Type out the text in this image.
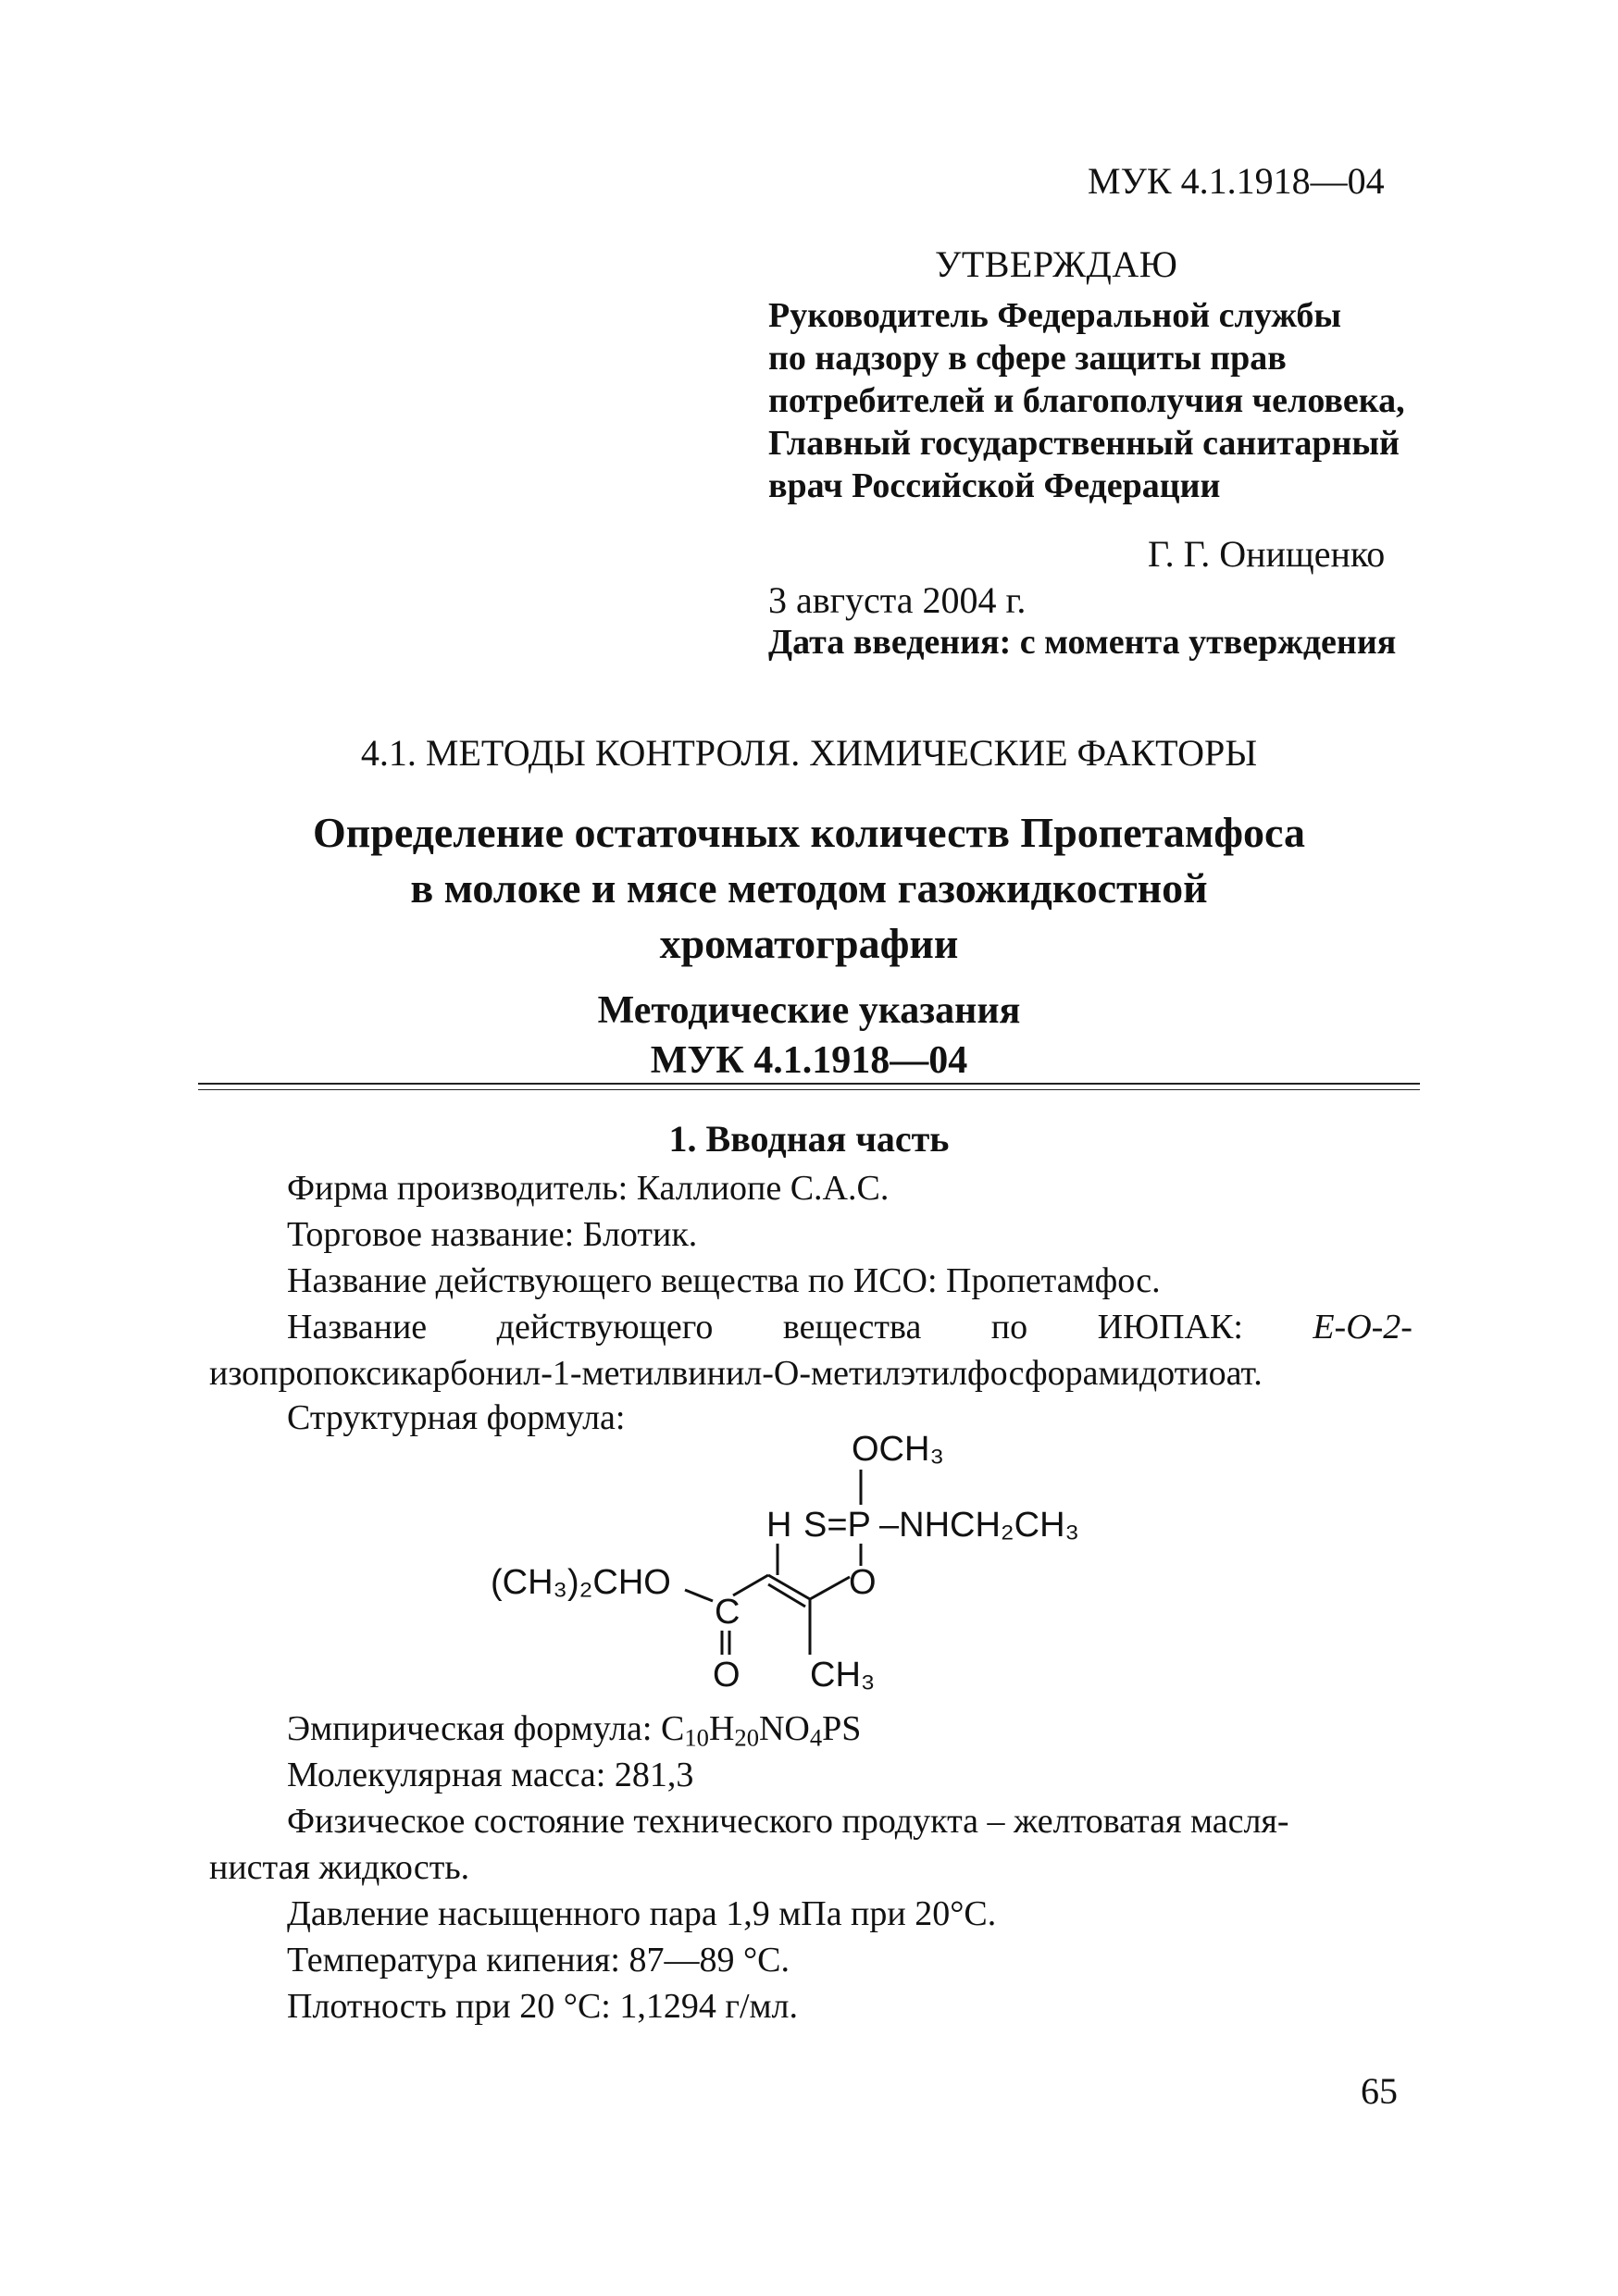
МУК 4.1.1918—04
УТВЕРЖДАЮ
Руководитель Федеральной службы
по надзору в сфере защиты прав
потребителей и благополучия человека,
Главный государственный санитарный
врач Российской Федерации
Г. Г. Онищенко
3 августа 2004 г.
Дата введения: с момента утверждения
4.1. МЕТОДЫ КОНТРОЛЯ. ХИМИЧЕСКИЕ ФАКТОРЫ
Определение остаточных количеств Пропетамфоса
в молоке и мясе методом газожидкостной
хроматографии
Методические указания
МУК 4.1.1918—04
1. Вводная часть
Фирма производитель: Каллиопе С.А.С.
Торговое название: Блотик.
Название действующего вещества по ИСО: Пропетамфос.
Название действующего вещества по ИЮПАК: E-O-2-
изопропоксикарбонил-1-метилвинил-O-метилэтилфосфорамидотиоат.
Структурная формула:
OCH₃
H S=P –NHCH₂CH₃
(CH₃)₂CHO
C
O
O CH₃
Эмпирическая формула: $C_{10}H_{20}NO_4PS$
Молекулярная масса: 281,3
Физическое состояние технического продукта – желтоватая масля-
нистая жидкость.
Давление насыщенного пара 1,9 мПа при 20°С.
Температура кипения: 87—89 °С.
Плотность при 20 °С: 1,1294 г/мл.
65
